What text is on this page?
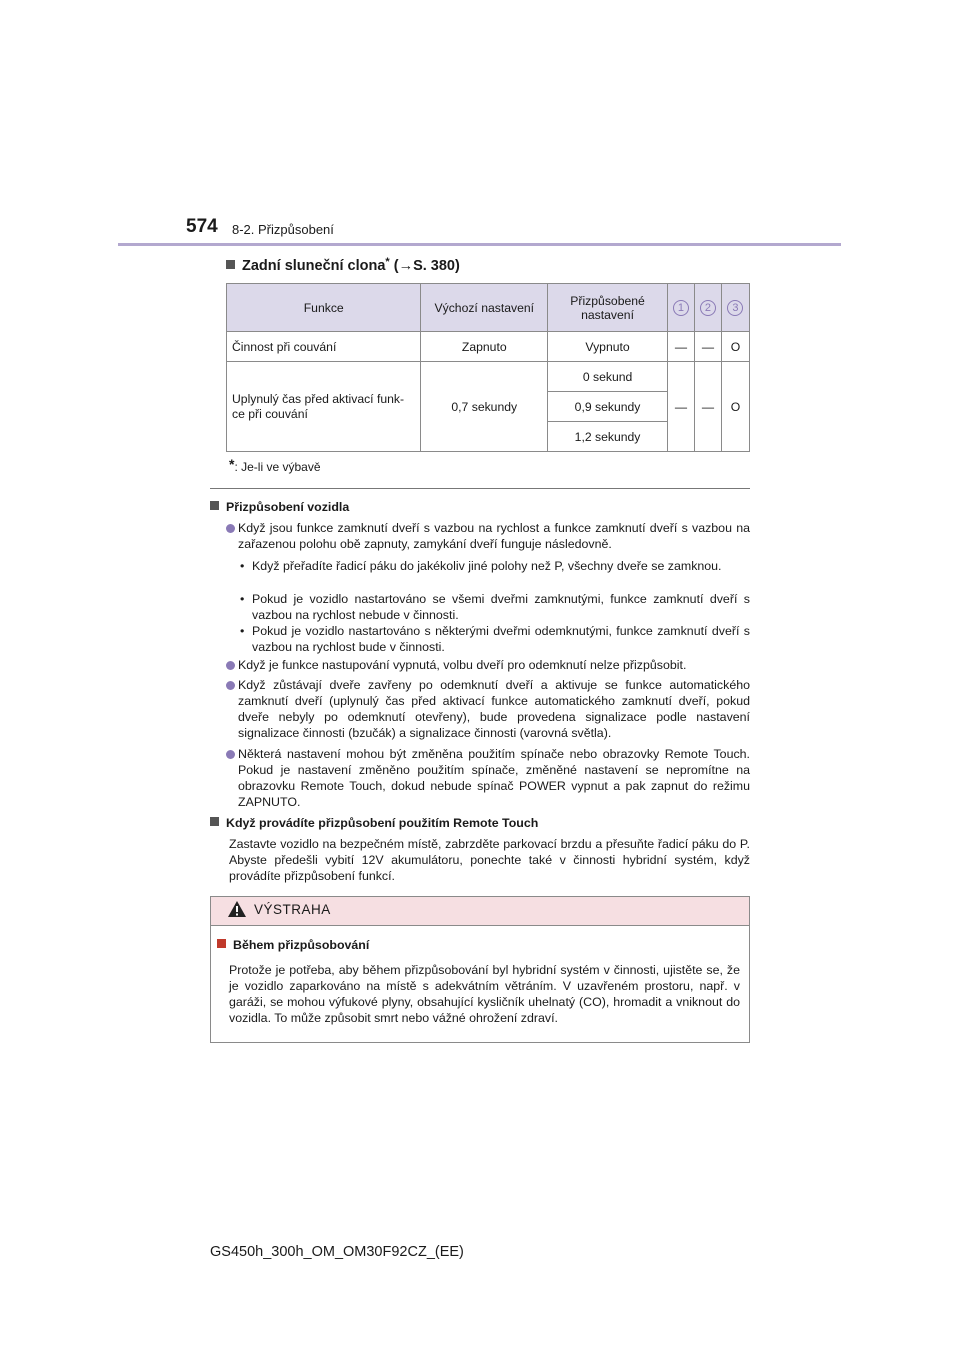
574 8-2. Přizpůsobení
Zadní sluneční clona* (→S. 380)
Funkce	Výchozí nastavení	Přizpůsobené nastavení	1	2	3
Činnost při couvání	Zapnuto	Vypnuto	—	—	O
Uplynulý čas před aktivací funk-ce při couvání	0,7 sekundy	0 sekund	—	—	O
		0,9 sekundy			
		1,2 sekundy			
*: Je-li ve výbavě
Přizpůsobení vozidla
Když jsou funkce zamknutí dveří s vazbou na rychlost a funkce zamknutí dveří s vazbou na zařazenou polohu obě zapnuty, zamykání dveří funguje následovně.
• Když přeřadíte řadicí páku do jakékoliv jiné polohy než P, všechny dveře se zamknou.
• Pokud je vozidlo nastartováno se všemi dveřmi zamknutými, funkce zamknutí dveří s vazbou na rychlost nebude v činnosti.
• Pokud je vozidlo nastartováno s některými dveřmi odemknutými, funkce zamknutí dveří s vazbou na rychlost bude v činnosti.
Když je funkce nastupování vypnutá, volbu dveří pro odemknutí nelze přizpůsobit.
Když zůstávají dveře zavřeny po odemknutí dveří a aktivuje se funkce automatického zamknutí dveří (uplynulý čas před aktivací funkce automatického zamknutí dveří, pokud dveře nebyly po odemknutí otevřeny), bude provedena signalizace podle nastavení signalizace činnosti (bzučák) a signalizace činnosti (varovná světla).
Některá nastavení mohou být změněna použitím spínače nebo obrazovky Remote Touch. Pokud je nastavení změněno použitím spínače, změněné nastavení se nepromítne na obrazovku Remote Touch, dokud nebude spínač POWER vypnut a pak zapnut do režimu ZAPNUTO.
Když provádíte přizpůsobení použitím Remote Touch
Zastavte vozidlo na bezpečném místě, zabrzděte parkovací brzdu a přesuňte řadicí páku do P. Abyste předešli vybití 12V akumulátoru, ponechte také v činnosti hybridní systém, když provádíte přizpůsobení funkcí.
VÝSTRAHA
Během přizpůsobování
Protože je potřeba, aby během přizpůsobování byl hybridní systém v činnosti, ujistěte se, že je vozidlo zaparkováno na místě s adekvátním větráním. V uzavřeném prostoru, např. v garáži, se mohou výfukové plyny, obsahující kysličník uhelnatý (CO), hromadit a vniknout do vozidla. To může způsobit smrt nebo vážné ohrožení zdraví.
GS450h_300h_OM_OM30F92CZ_(EE)
